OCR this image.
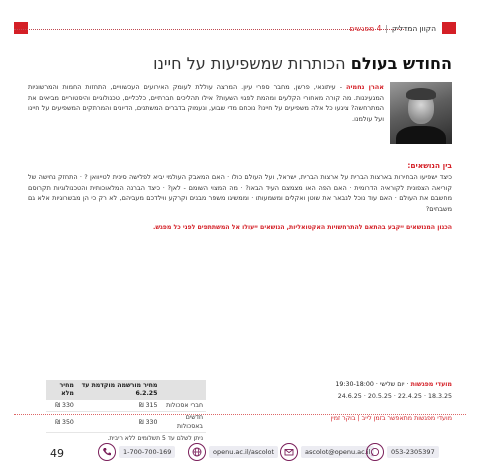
הקוון המדליק
|
4 מפגשים
החודש בעולם הכותרות שמשפיעות על חיינו
אהרן נחמיה - עיתונאי, פרשן, מחבר ספרי עיון. המרצה עוללת לעומק האירועים העכשוויים, התחזות החמות והמרשוניות המגעיננות. מה קורה מאחורי הקלעים ומהמת לפגוי השעות? אילו תהליכים חברתיים, כלכליים, טכנולוגיים והיסטוריים מביאים את המתרחשה? ציגעו כל אלה משפיעים על חיינו? נוכחם מדי שבוע, ונעמוק בדברים המשתנים, הדיונים והמרתקים המשפיעים על חיינו ועל עולמנו.
בין הנושאים:
כיצד ישפיעו הבחירות בארצות הברית על ארצות הברית, ישראל, ועל העולם כולו · האם המאבק העולמי יביא לפלישה סינית לטייוואן ? · התחזק נחישה של קוריאה הצפונית לקוראיה הדרומית · האם הפה האו מצמצם העיד הבאו? · מה המצוי השומם - לאן? · כיצד הברנה המלאוכותית והטכנולוגיות תקרוסם מחשבם את העולם · האם עוד נוכל לנבאר את שוטן ואקלים ומשמעותו · וממשיגו משפר מבנים וקרקע ווילדכם מעביהם, לא רק כי הן מבשרוגיות אלא גם משבחים?
הכנון המנושאים ייקבע בהתאם להתרחשויות האקטואליות, הנושאים ייעולו אל המשתתפים לפני כל מפגש.
מועדי מפגשות · יום שלישי · 19:30-18:00
18.3.25 · 22.4.25 · 20.5.25 · 24.6.25
מועדי מפגשות מתאפשר בזמן לייב | בוקר זמין
	מחיר מורשמה מוקדמת עד 6.2.25	מחיר מלא
חברי אסכולות	315 ₪	330 ₪
חדשים באסכולות	330 ₪	350 ₪
ניתן לשלם עד 5 תשלומים ללא ריבית.		
49	1-700-700-169	openu.ac.il/ascolot	ascolot@openu.ac.il	053-2305397
